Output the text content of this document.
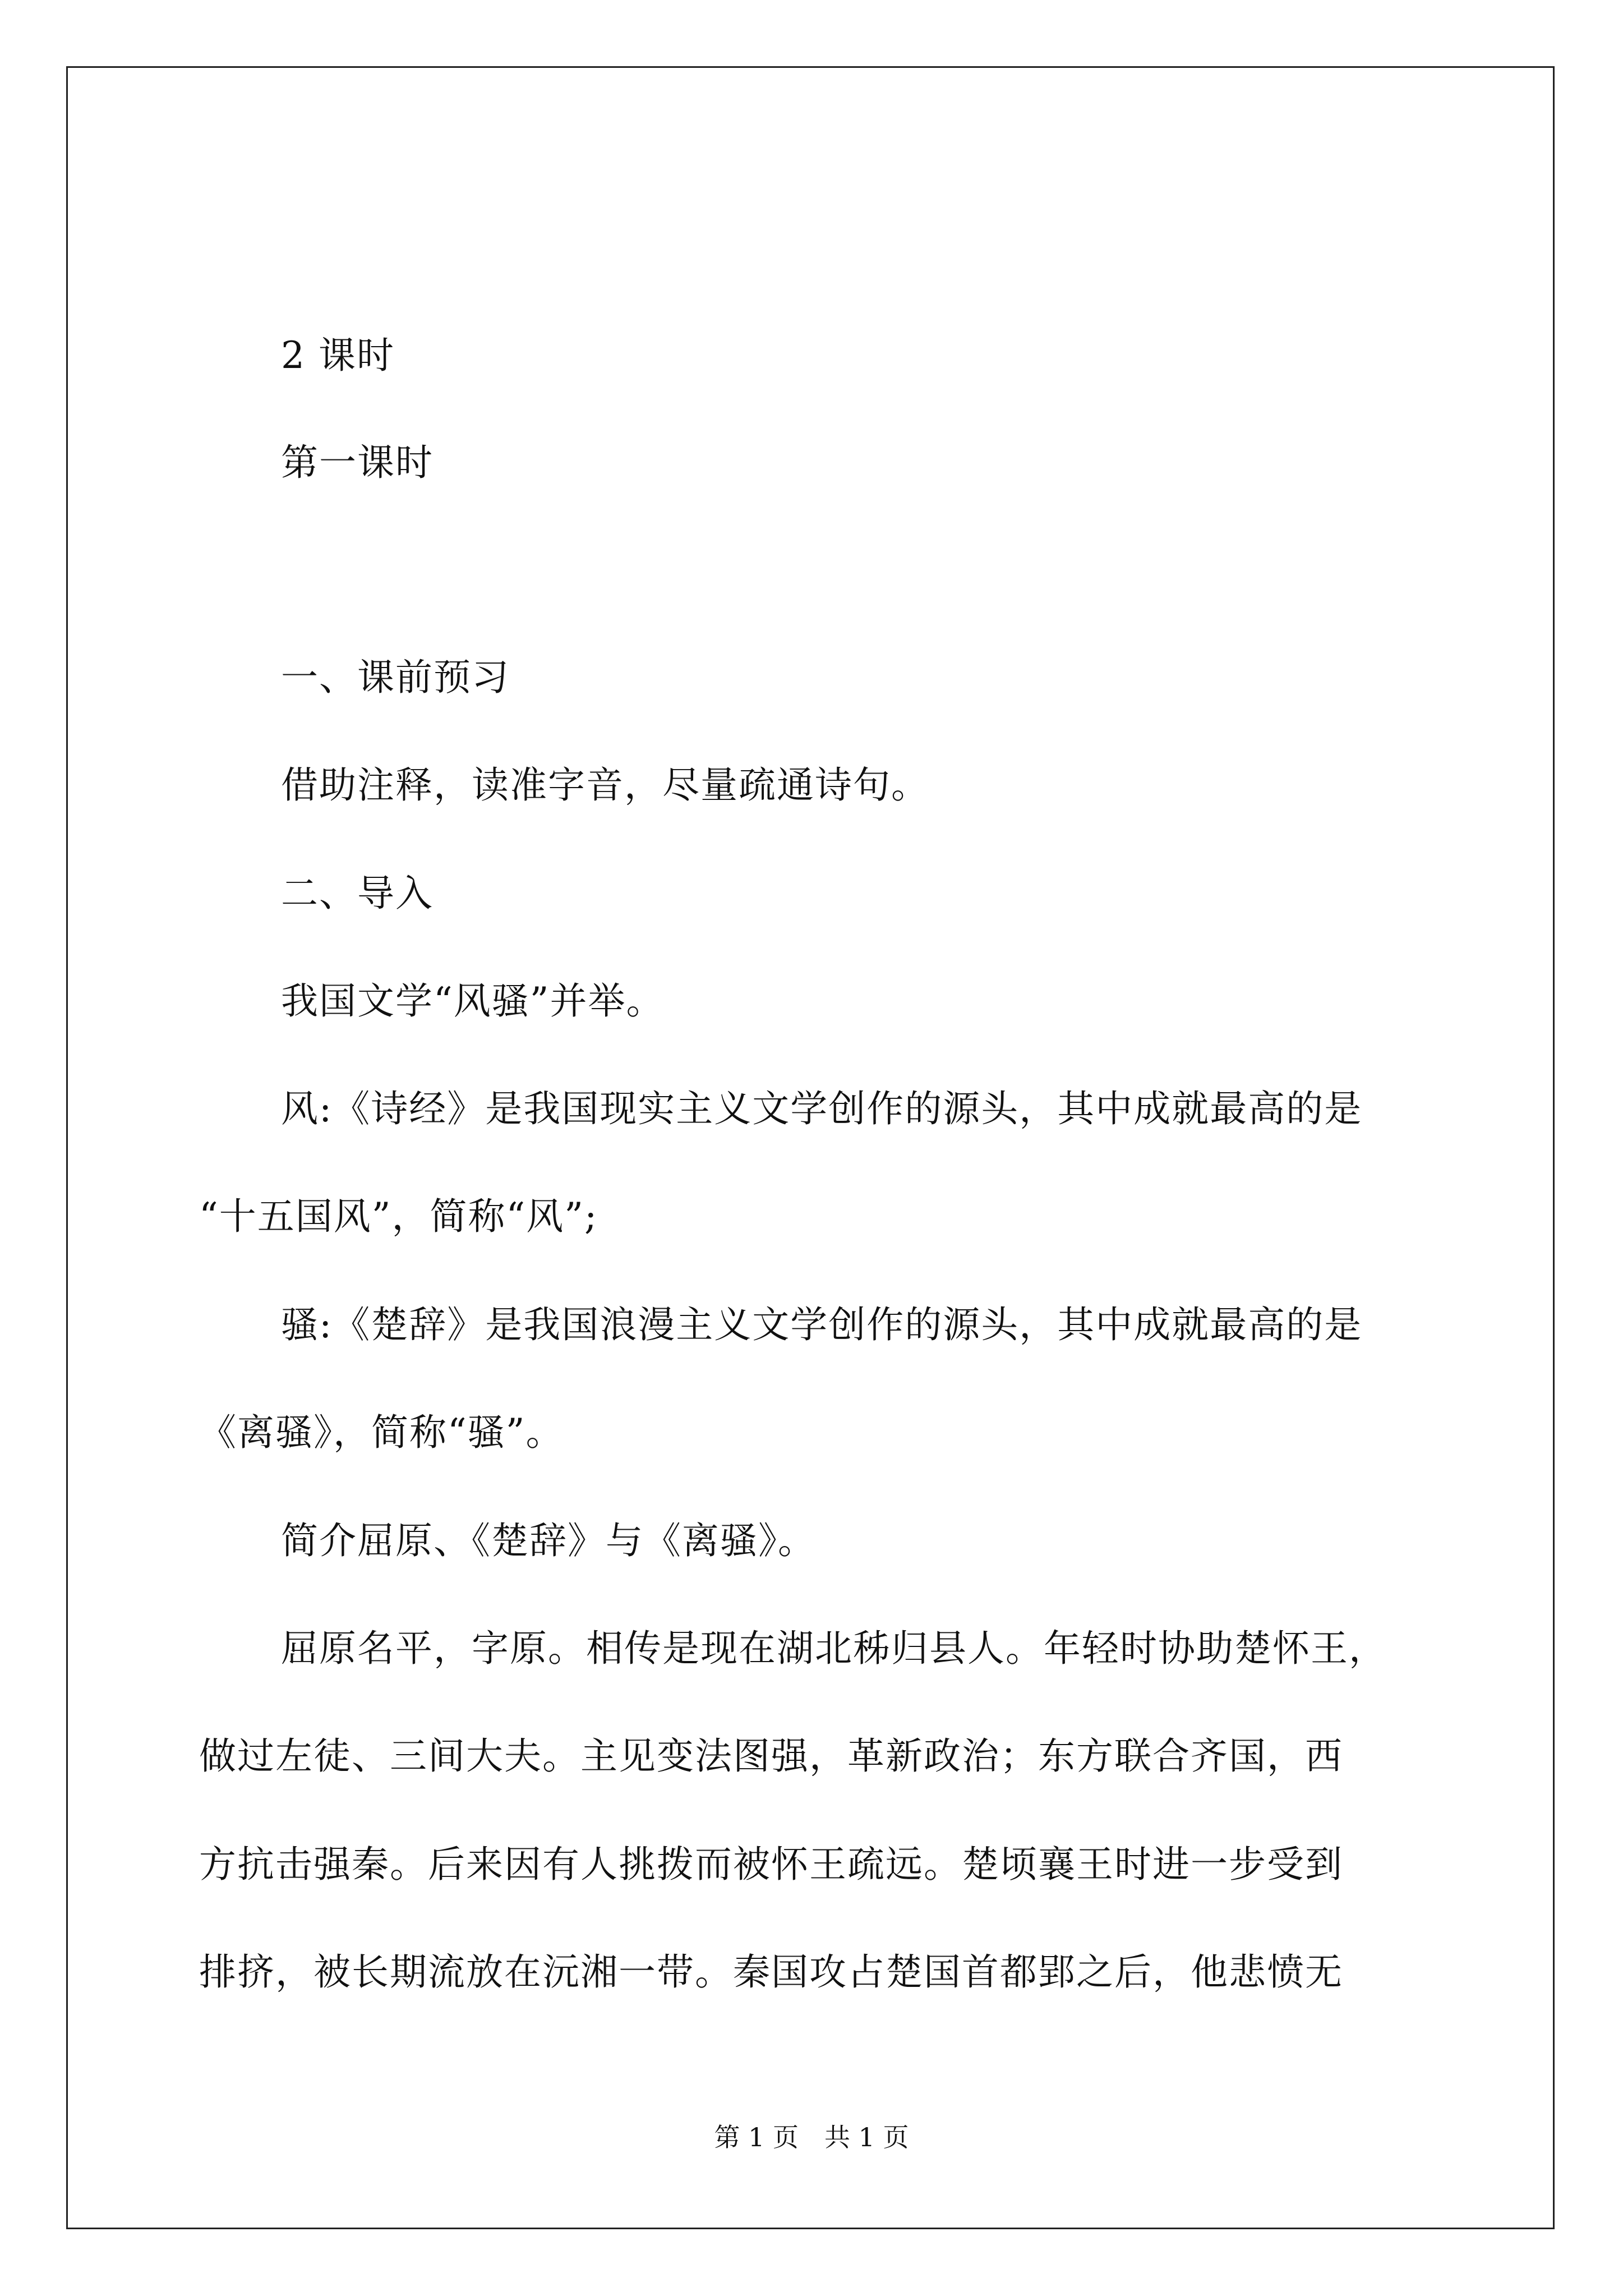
2 课时
第一课时
一、课前预习
借助注释，读准字音，尽量疏通诗句。
二、导入
我国文学“风骚”并举。
风:《诗经》是我国现实主义文学创作的源头，其中成就最高的是
“十五国风”，简称“风”;
骚:《楚辞》是我国浪漫主义文学创作的源头，其中成就最高的是
《离骚》，简称“骚”。
简介屈原、《楚辞》与《离骚》。
屈原名平，字原。相传是现在湖北秭归县人。年轻时协助楚怀王，
做过左徒、三间大夫。主见变法图强，革新政治；东方联合齐国，西
方抗击强秦。后来因有人挑拨而被怀王疏远。楚顷襄王时进一步受到
排挤，被长期流放在沅湘一带。秦国攻占楚国首都郢之后，他悲愤无
第 1 页　共 1 页
